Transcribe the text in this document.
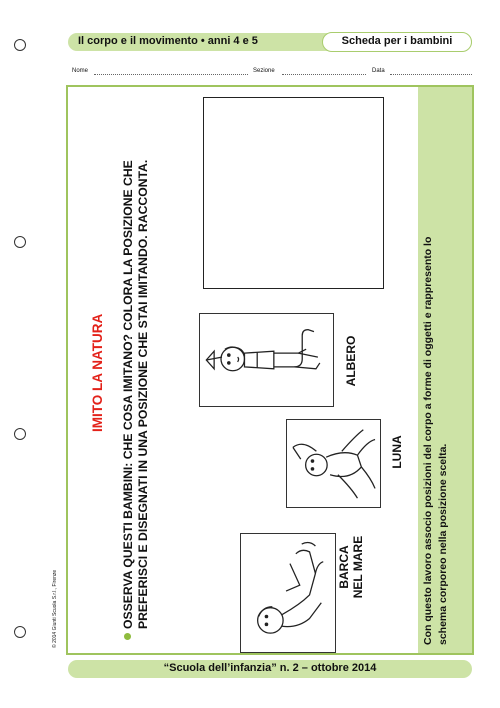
Il corpo e il movimento • anni 4 e 5	Scheda per i bambini
Nome	Sezione	Data
Con questo lavoro associo posizioni del corpo a forme di oggetti e rappresento lo schema corporeo nella posizione scelta.
© 2014 Giunti Scuola S.r.l., Firenze
IMITO LA NATURA OSSERVA QUESTI BAMBINI: CHE COSA IMITANO? COLORA LA POSIZIONE CHE PREFERISCI E DISEGNATI IN UNA POSIZIONE CHE STAI IMITANDO. RACCONTA.	ALBERO
LUNA
BARCA NEL MARE
“Scuola dell’infanzia” n. 2 – ottobre 2014
